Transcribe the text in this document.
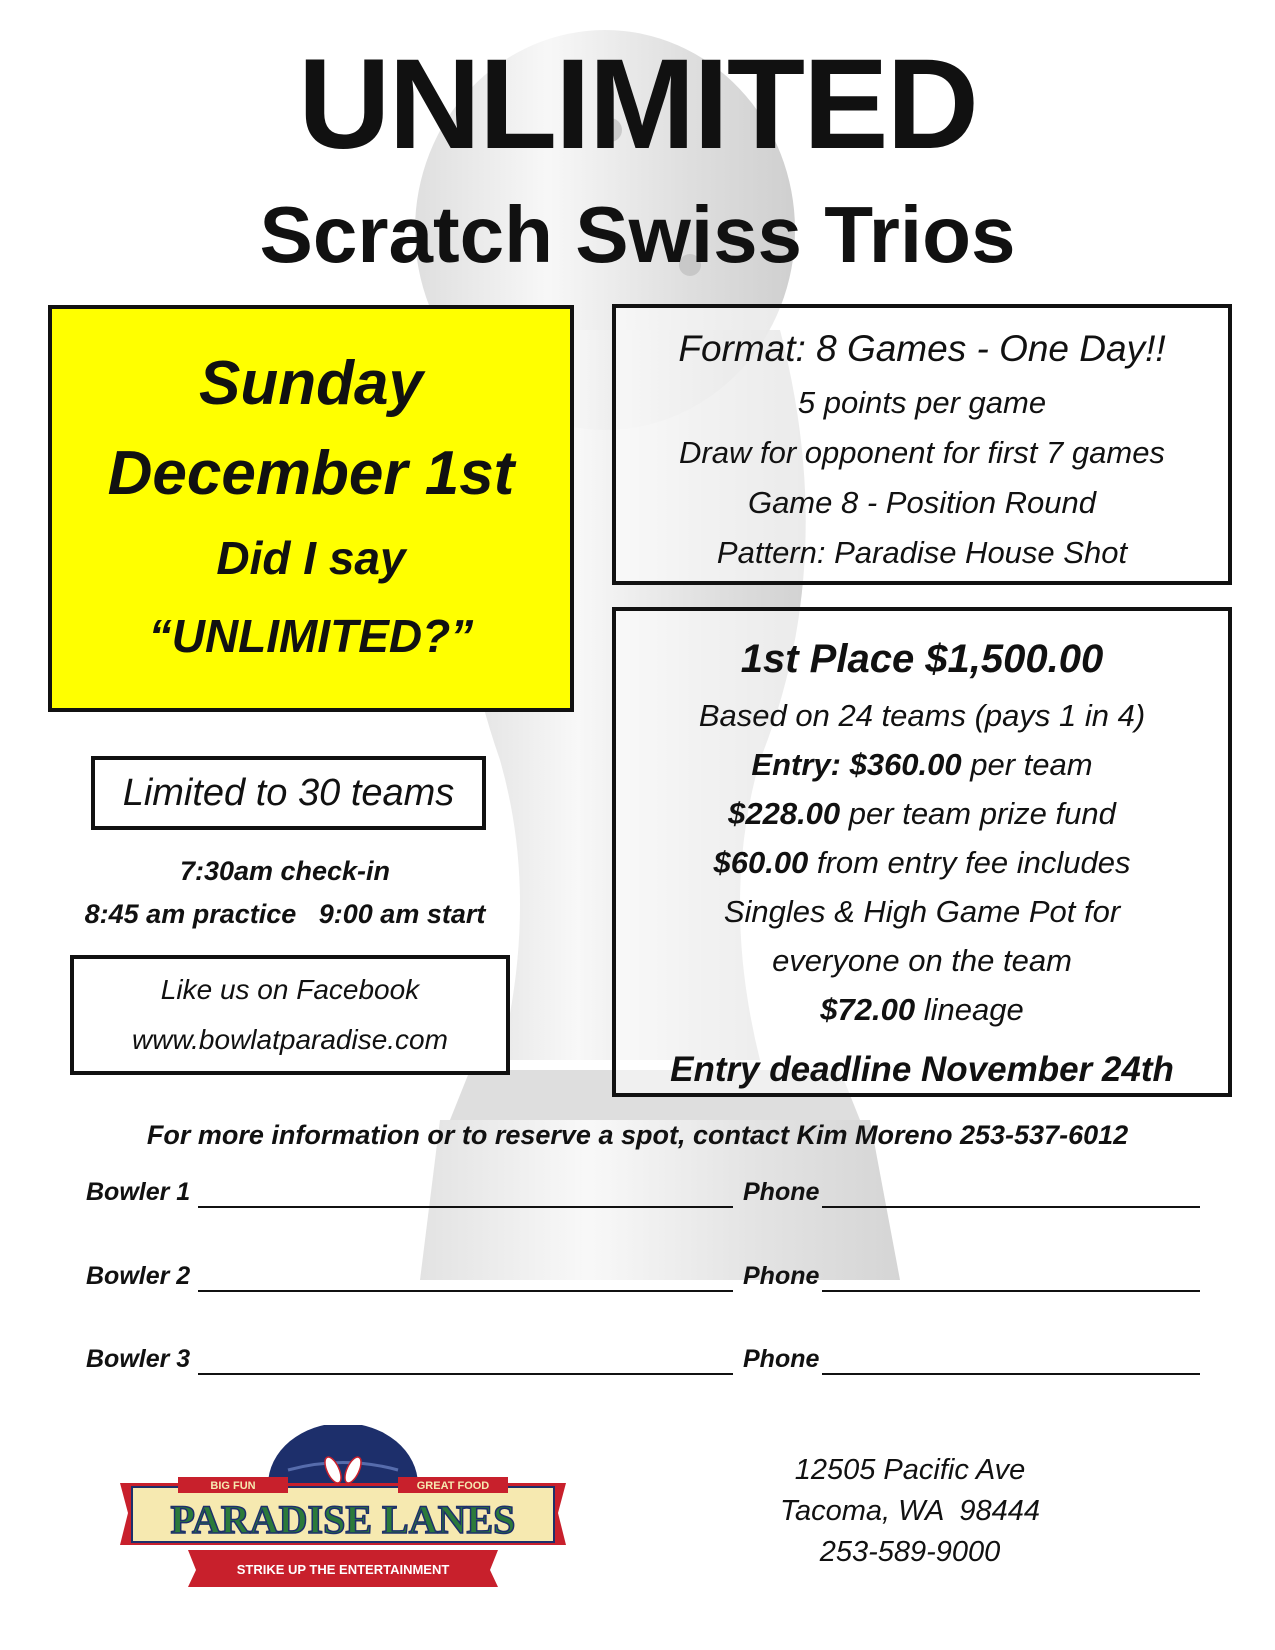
UNLIMITED
Scratch Swiss Trios
Sunday
December 1st
Did I say
“UNLIMITED?”
Format: 8 Games - One Day!!
5 points per game
Draw for opponent for first 7 games
Game 8 - Position Round
Pattern: Paradise House Shot
1st Place $1,500.00
Based on 24 teams (pays 1 in 4)
Entry: $360.00 per team
$228.00 per team prize fund
$60.00 from entry fee includes
Singles & High Game Pot for
everyone on the team
$72.00 lineage
Entry deadline November 24th
Limited to 30 teams
7:30am check-in
8:45 am practice   9:00 am start
Like us on Facebook
www.bowlatparadise.com
For more information or to reserve a spot, contact Kim Moreno 253-537-6012
Bowler 1	Phone
Bowler 2	Phone
Bowler 3	Phone
BIG FUN	GREAT FOOD
PARADISE LANES
STRIKE UP THE ENTERTAINMENT
12505 Pacific Ave
Tacoma, WA  98444
253-589-9000
